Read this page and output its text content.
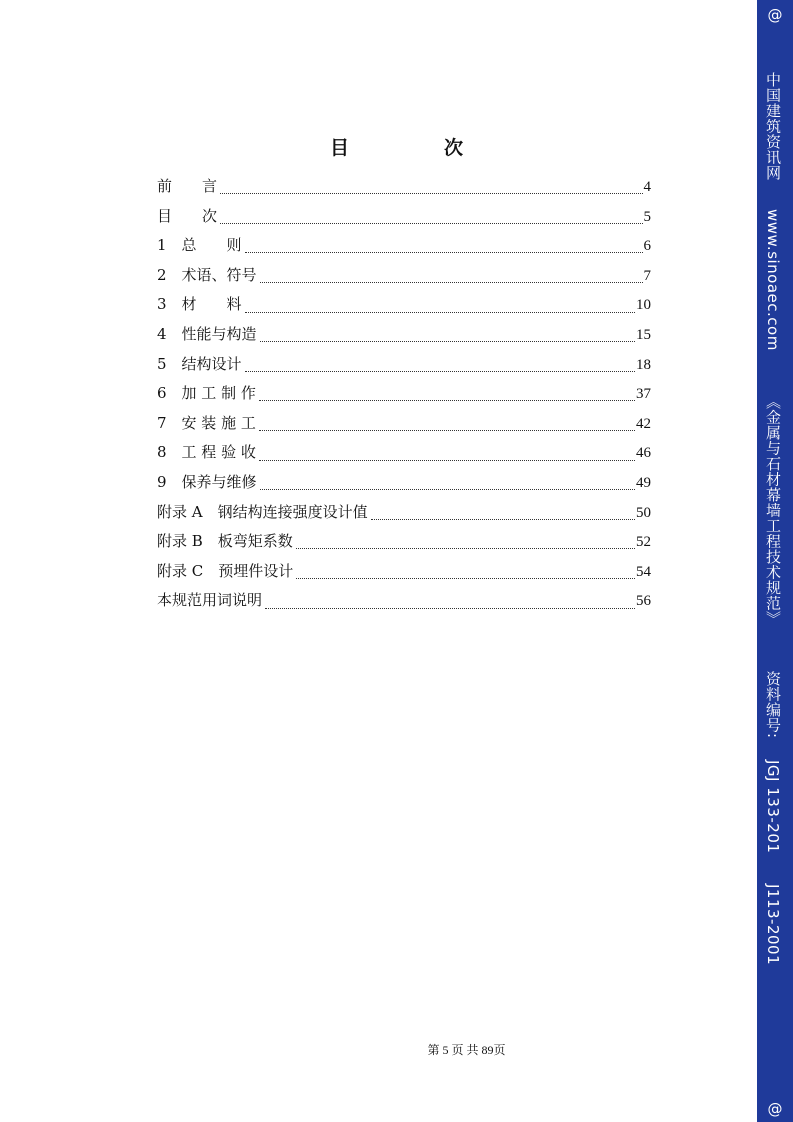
目　次
前　　言	4
目　　次	5
1　总　　则	6
2　术语、符号	7
3　材　　料	10
4　性能与构造	15
5　结构设计	18
6　加 工 制 作	37
7　安 装 施 工	42
8　工 程 验 收	46
9　保养与维修	49
附录 A　钢结构连接强度设计值	50
附录 B　板弯矩系数	52
附录 C　预埋件设计	54
本规范用词说明	56
第 5 页 共 89页
@
中国建筑资讯网www.sinoaec.com《金属与石材幕墙工程技术规范》资料编号:JGJ 133-201J113-2001
@
